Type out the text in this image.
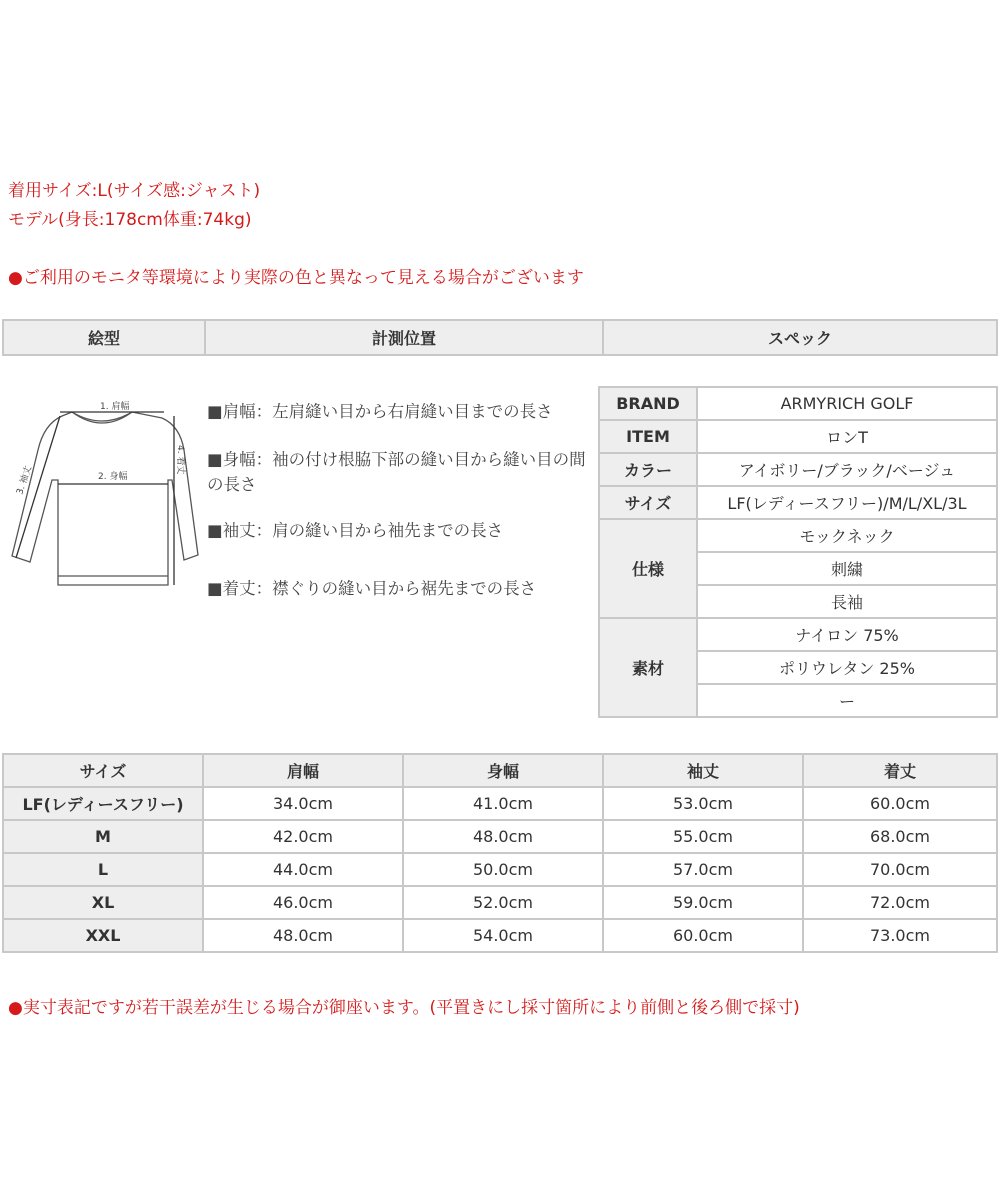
着用サイズ:L(サイズ感:ジャスト)
モデル(身長:178cm体重:74kg)
●ご利用のモニタ等環境により実際の色と異なって見える場合がございます
絵型	計測位置	スペック
1. 肩幅
2. 身幅
3. 袖丈
4. 着丈

■肩幅：左肩縫い目から右肩縫い目までの長さ

■身幅：袖の付け根脇下部の縫い目から縫い目の間の長さ

■袖丈：肩の縫い目から袖先までの長さ

■着丈：襟ぐりの縫い目から裾先までの長さ

BRAND	ARMYRICH GOLF
ITEM	ロンT
カラー	アイボリー/ブラック/ベージュ
サイズ	LF(レディースフリー)/M/L/XL/3L
仕様	モックネック
	刺繍
	長袖
素材	ナイロン 75%
	ポリウレタン 25%
	ー
サイズ	肩幅	身幅	袖丈	着丈
LF(レディースフリー)	34.0cm	41.0cm	53.0cm	60.0cm
M	42.0cm	48.0cm	55.0cm	68.0cm
L	44.0cm	50.0cm	57.0cm	70.0cm
XL	46.0cm	52.0cm	59.0cm	72.0cm
XXL	48.0cm	54.0cm	60.0cm	73.0cm
●実寸表記ですが若干誤差が生じる場合が御座います。(平置きにし採寸箇所により前側と後ろ側で採寸)
